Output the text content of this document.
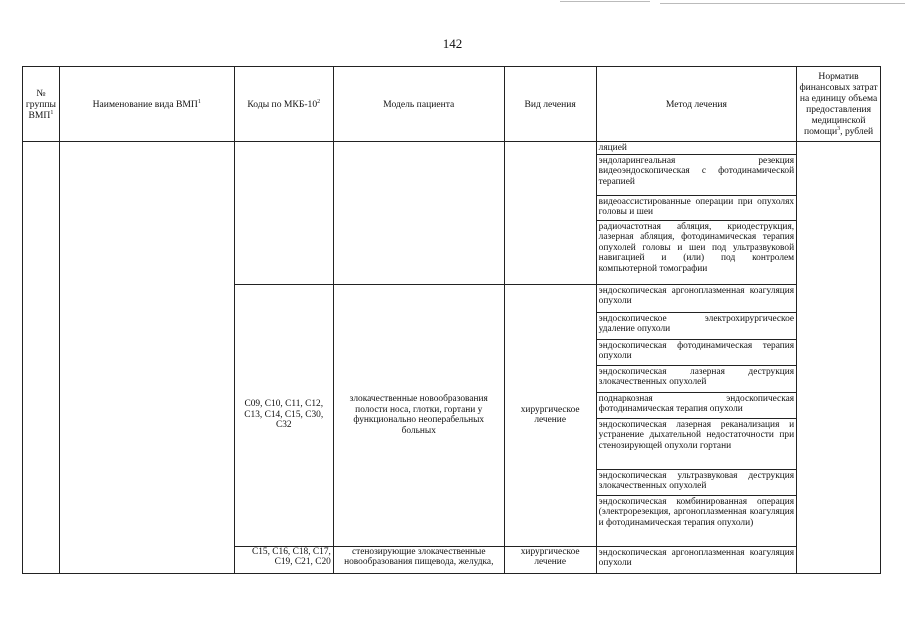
142
№ группы ВМП$^1$	Наименование вида ВМП$^1$	Коды по МКБ-$10^2$	Модель пациента	Вид лечения	Метод лечения	Норматив финансовых затрат на единицу объема предоставления медицинской помощи$^3$, рублей
					ляцией	
					эндоларингеальная резекция видеоэндоскопическая с фотодинамической терапией	
					видеоассистированные операции при опухолях головы и шеи	
					радиочастотная абляция, криодеструкция, лазерная абляция, фотодинамическая терапия опухолей головы и шеи под ультразвуковой навигацией и (или) под контролем компьютерной томографии	
		C09, C10, C11, C12, C13, C14, C15, C30, C32	злокачественные новообразования полости носа, глотки, гортани у функционально неоперабельных больных	хирургическое лечение	эндоскопическая аргоноплазменная коагуляция опухоли	
					эндоскопическое электрохирургическое удаление опухоли	
					эндоскопическая фотодинамическая терапия опухоли	
					эндоскопическая лазерная деструкция злокачественных опухолей	
					поднаркозная эндоскопическая фотодинамическая терапия опухоли	
					эндоскопическая лазерная реканализация и устранение дыхательной недостаточности при стенозирующей опухоли гортани	
					эндоскопическая ультразвуковая деструкция злокачественных опухолей	
					эндоскопическая комбинированная операция (электрорезекция, аргоноплазменная коагуляция и фотодинамическая терапия опухоли)	
		C15, C16, C18, C17, C19, C21, C20	стенозирующие злокачественные новообразования пищевода, желудка,	хирургическое лечение	эндоскопическая аргоноплазменная коагуляция опухоли	
